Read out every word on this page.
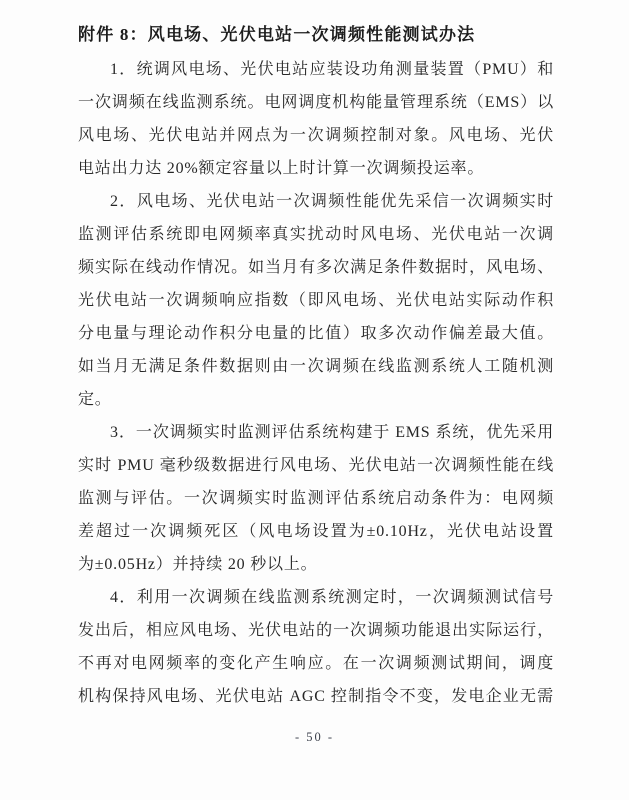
附件 8：风电场、光伏电站一次调频性能测试办法
1．统调风电场、光伏电站应装设功角测量装置（PMU）和
一次调频在线监测系统。电网调度机构能量管理系统（EMS）以
风电场、光伏电站并网点为一次调频控制对象。风电场、光伏
电站出力达 20%额定容量以上时计算一次调频投运率。
2．风电场、光伏电站一次调频性能优先采信一次调频实时
监测评估系统即电网频率真实扰动时风电场、光伏电站一次调
频实际在线动作情况。如当月有多次满足条件数据时，风电场、
光伏电站一次调频响应指数（即风电场、光伏电站实际动作积
分电量与理论动作积分电量的比值）取多次动作偏差最大值。
如当月无满足条件数据则由一次调频在线监测系统人工随机测
定。
3．一次调频实时监测评估系统构建于 EMS 系统，优先采用
实时 PMU 毫秒级数据进行风电场、光伏电站一次调频性能在线
监测与评估。一次调频实时监测评估系统启动条件为：电网频
差超过一次调频死区（风电场设置为±0.10Hz，光伏电站设置
为±0.05Hz）并持续 20 秒以上。
4．利用一次调频在线监测系统测定时，一次调频测试信号
发出后，相应风电场、光伏电站的一次调频功能退出实际运行，
不再对电网频率的变化产生响应。在一次调频测试期间，调度
机构保持风电场、光伏电站 AGC 控制指令不变，发电企业无需
- 50 -
